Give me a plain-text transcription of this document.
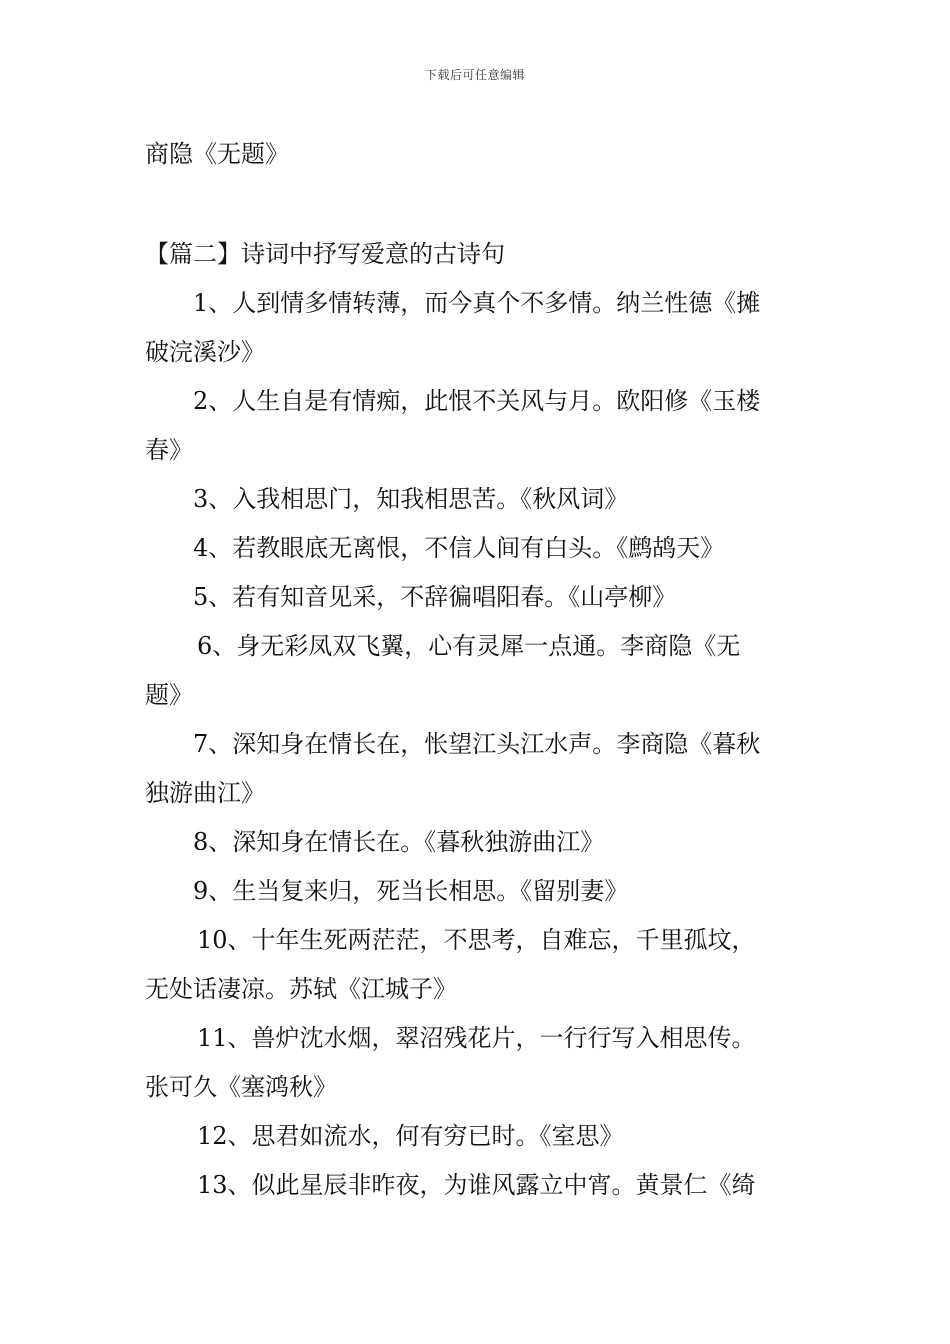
下载后可任意编辑
商隐《无题》
【篇二】诗词中抒写爱意的古诗句
1、人到情多情转薄，而今真个不多情。纳兰性德《摊
破浣溪沙》
2、人生自是有情痴，此恨不关风与月。欧阳修《玉楼
春》
3、入我相思门，知我相思苦。《秋风词》
4、若教眼底无离恨，不信人间有白头。《鹧鸪天》
5、若有知音见采，不辞徧唱阳春。《山亭柳》
6、身无彩凤双飞翼，心有灵犀一点通。李商隐《无
题》
7、深知身在情长在，怅望江头江水声。李商隐《暮秋
独游曲江》
8、深知身在情长在。《暮秋独游曲江》
9、生当复来归，死当长相思。《留别妻》
10、十年生死两茫茫，不思考，自难忘，千里孤坟，
无处话凄凉。苏轼《江城子》
11、兽炉沈水烟，翠沼残花片，一行行写入相思传。
张可久《塞鸿秋》
12、思君如流水，何有穷已时。《室思》
13、似此星辰非昨夜，为谁风露立中宵。黄景仁《绮
